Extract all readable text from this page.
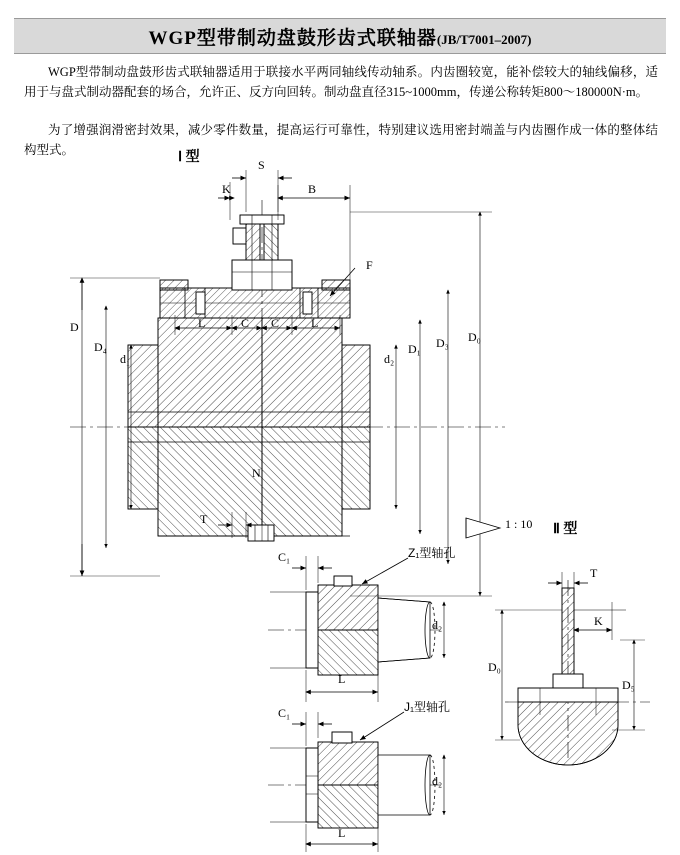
WGP型带制动盘鼓形齿式联轴器(JB/T7001–2007)
WGP型带制动盘鼓形齿式联轴器适用于联接水平两同轴线传动轴系。内齿圈较宽，能补偿较大的轴线偏移，适用于与盘式制动器配套的场合，允许正、反方向回转。制动盘直径315~1000mm，传递公称转矩800～180000N·m。
为了增强润滑密封效果，减少零件数量，提高运行可靠性，特别建议选用密封端盖与内齿圈作成一体的整体结构型式。	Ⅰ 型
Ⅱ 型
S
K	B
F
D
D₄
d₁
L	C C	L
d₂
D₁ D₃ D₀
N
T	1 : 10
Z₁型轴孔
J₁型轴孔
C₁
L
d₂
C₁
L
d₂
T
K
D₀
D₅
